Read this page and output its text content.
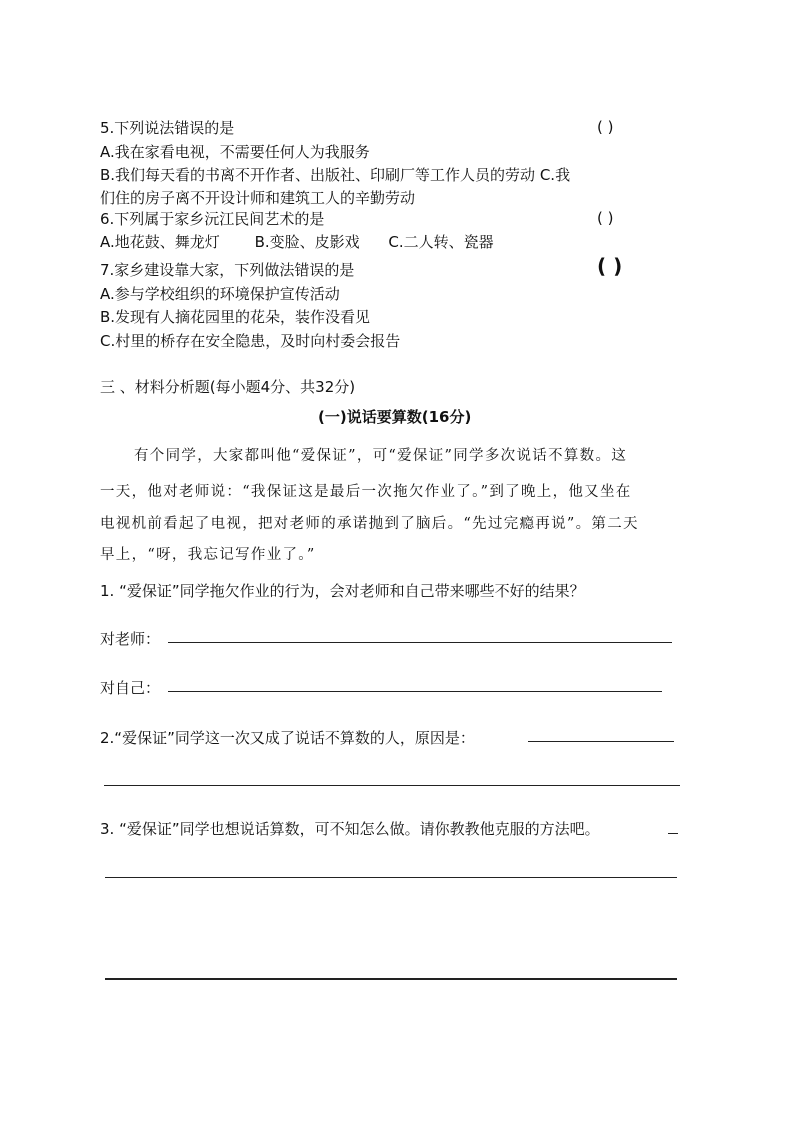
5.下列说法错误的是	( )
A.我在家看电视，不需要任何人为我服务
B.我们每天看的书离不开作者、出版社、印刷厂等工作人员的劳动 C.我
们住的房子离不开设计师和建筑工人的辛勤劳动
6.下列属于家乡沅江民间艺术的是	( )
A.地花鼓、舞龙灯 B.变脸、皮影戏 C.二人转、瓷器
7.家乡建设靠大家，下列做法错误的是	( )
A.参与学校组织的环境保护宣传活动
B.发现有人摘花园里的花朵，装作没看见
C.村里的桥存在安全隐患，及时向村委会报告
三 、材料分析题(每小题4分、共32分)
(一)说话要算数(16分)
有个同学，大家都叫他“爱保证”，可“爱保证”同学多次说话不算数。这
一天，他对老师说：“我保证这是最后一次拖欠作业了。”到了晚上，他又坐在
电视机前看起了电视，把对老师的承诺抛到了脑后。“先过完瘾再说”。第二天
早上，“呀，我忘记写作业了。”
1. “爱保证”同学拖欠作业的行为，会对老师和自己带来哪些不好的结果？
对老师：
对自己：
2.“爱保证”同学这一次又成了说话不算数的人，原因是：
3. “爱保证”同学也想说话算数，可不知怎么做。请你教教他克服的方法吧。
